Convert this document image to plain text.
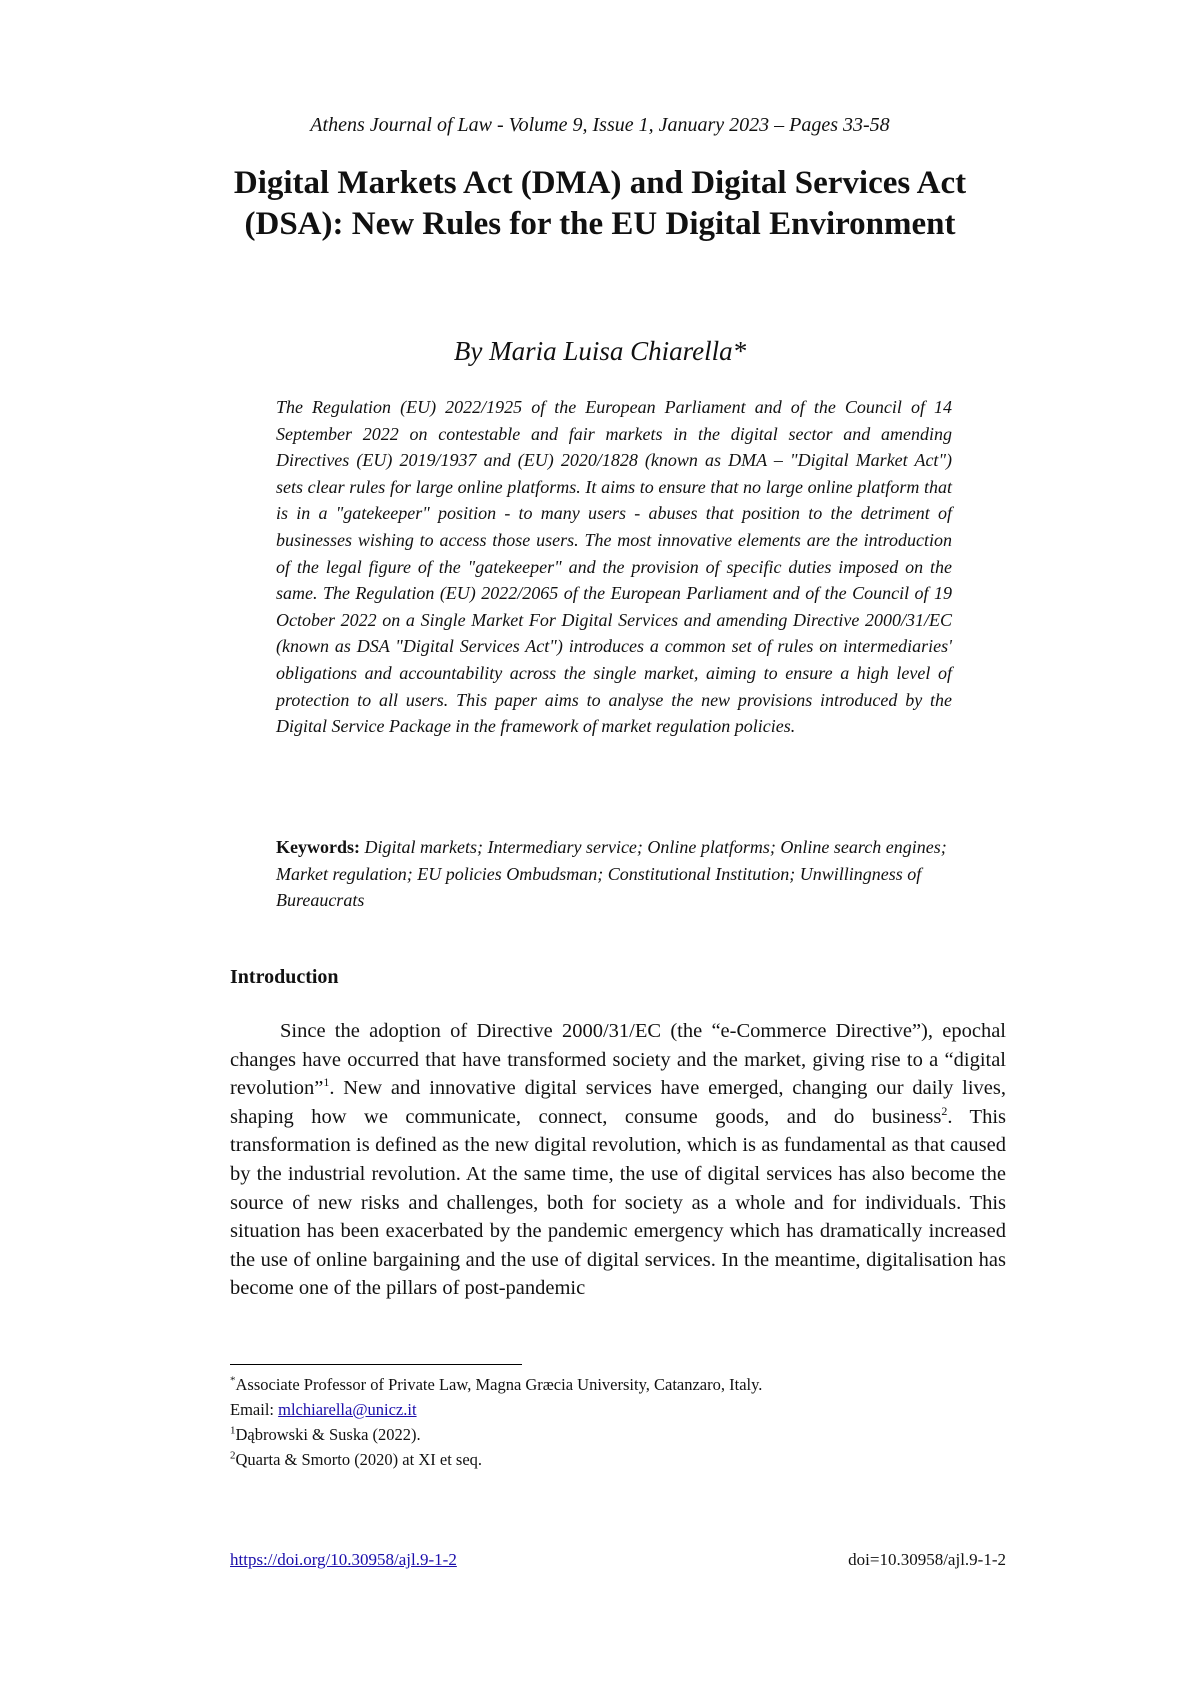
Athens Journal of Law - Volume 9, Issue 1, January 2023 – Pages 33-58
Digital Markets Act (DMA) and Digital Services Act (DSA): New Rules for the EU Digital Environment
By Maria Luisa Chiarella*
The Regulation (EU) 2022/1925 of the European Parliament and of the Council of 14 September 2022 on contestable and fair markets in the digital sector and amending Directives (EU) 2019/1937 and (EU) 2020/1828 (known as DMA – "Digital Market Act") sets clear rules for large online platforms. It aims to ensure that no large online platform that is in a "gatekeeper" position - to many users - abuses that position to the detriment of businesses wishing to access those users. The most innovative elements are the introduction of the legal figure of the "gatekeeper" and the provision of specific duties imposed on the same. The Regulation (EU) 2022/2065 of the European Parliament and of the Council of 19 October 2022 on a Single Market For Digital Services and amending Directive 2000/31/EC (known as DSA "Digital Services Act") introduces a common set of rules on intermediaries' obligations and accountability across the single market, aiming to ensure a high level of protection to all users. This paper aims to analyse the new provisions introduced by the Digital Service Package in the framework of market regulation policies.
Keywords: Digital markets; Intermediary service; Online platforms; Online search engines; Market regulation; EU policies Ombudsman; Constitutional Institution; Unwillingness of Bureaucrats
Introduction

Since the adoption of Directive 2000/31/EC (the “e-Commerce Directive”), epochal changes have occurred that have transformed society and the market, giving rise to a “digital revolution”$^1$. New and innovative digital services have emerged, changing our daily lives, shaping how we communicate, connect, consume goods, and do business$^2$. This transformation is defined as the new digital revolution, which is as fundamental as that caused by the industrial revolution. At the same time, the use of digital services has also become the source of new risks and challenges, both for society as a whole and for individuals. This situation has been exacerbated by the pandemic emergency which has dramatically increased the use of online bargaining and the use of digital services. In the meantime, digitalisation has become one of the pillars of post-pandemic

*Associate Professor of Private Law, Magna Græcia University, Catanzaro, Italy.
Email: mlchiarella@unicz.it
$^1$Dąbrowski & Suska (2022).
$^2$Quarta & Smorto (2020) at XI et seq.
https://doi.org/10.30958/ajl.9-1-2	doi=10.30958/ajl.9-1-2
